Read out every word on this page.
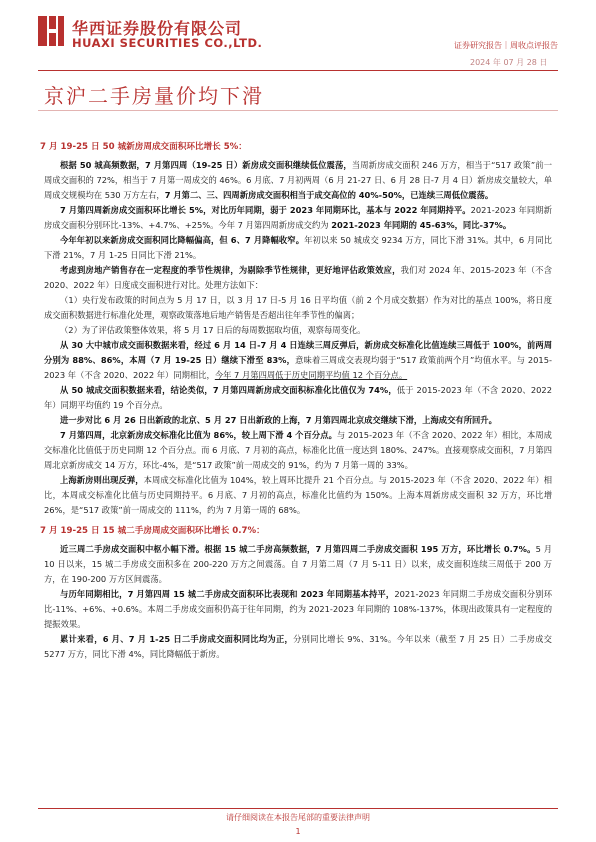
华西证券股份有限公司
HUAXI SECURITIES CO.,LTD.	证券研究报告｜周收点评报告
2024 年 07 月 28 日
京沪二手房量价均下滑
7 月 19-25 日 50 城新房周成交面积环比增长 5%：

根据 50 城高频数据，7 月第四周（19-25 日）新房成交面积继续低位震荡，当周新房成交面积 246 万方，相当于“517 政策”前一周成交面积的 72%，相当于 7 月第一周成交的 46%。6 月底、7 月初两周（6 月 21-27 日、6 月 28 日-7 月 4 日）新房成交量较大，单周成交规模均在 530 万方左右，7 月第二、三、四周新房成交面积相当于成交高位的 40%-50%，已连续三周低位震荡。

7 月第四周新房成交面积环比增长 5%，对比历年同期，弱于 2023 年同期环比，基本与 2022 年同期持平。2021-2023 年同期新房成交面积分别环比-13%、+4.7%、+25%。今年 7 月第四周新房成交约为 2021-2023 年同期的 45-63%，同比-37%。

今年年初以来新房成交面积同比降幅偏高，但 6、7 月降幅收窄。年初以来 50 城成交 9234 万方，同比下滑 31%。其中，6 月同比下滑 21%，7 月 1-25 日同比下滑 21%。

考虑到房地产销售存在一定程度的季节性规律，为剔除季节性规律，更好地评估政策效应，我们对 2024 年、2015-2023 年（不含 2020、2022 年）日度成交面积进行对比。处理方法如下：

（1）央行发布政策的时间点为 5 月 17 日，以 3 月 17 日-5 月 16 日平均值（前 2 个月成交数据）作为对比的基点 100%，将日度成交面积数据进行标准化处理，观察政策落地后地产销售是否超出往年季节性的偏离；

（2）为了评估政策整体效果，将 5 月 17 日后的每周数据取均值，观察每周变化。

从 30 大中城市成交面积数据来看，经过 6 月 14 日-7 月 4 日连续三周反弹后，新房成交标准化比值连续三周低于 100%，前两周分别为 88%、86%，本周（7 月 19-25 日）继续下滑至 83%，意味着三周成交表现均弱于“517 政策前两个月”均值水平。与 2015-2023 年（不含 2020、2022 年）同期相比，今年 7 月第四周低于历史同期平均值 12 个百分点。

从 50 城成交面积数据来看，结论类似，7 月第四周新房成交面积标准化比值仅为 74%，低于 2015-2023 年（不含 2020、2022 年）同期平均值约 19 个百分点。

进一步对比 6 月 26 日出新政的北京、5 月 27 日出新政的上海，7 月第四周北京成交继续下滑，上海成交有所回升。

7 月第四周，北京新房成交标准化比值为 86%，较上周下滑 4 个百分点。与 2015-2023 年（不含 2020、2022 年）相比，本周成交标准化比值低于历史同期 12 个百分点。而 6 月底、7 月初的高点，标准化比值一度达到 180%、247%。直接观察成交面积，7 月第四周北京新房成交 14 万方，环比-4%，是“517 政策”前一周成交的 91%，约为 7 月第一周的 33%。

上海新房则出现反弹，本周成交标准化比值为 104%，较上周环比提升 21 个百分点。与 2015-2023 年（不含 2020、2022 年）相比，本周成交标准化比值与历史同期持平。6 月底、7 月初的高点，标准化比值约为 150%。上海本周新房成交面积 32 万方，环比增 26%，是“517 政策”前一周成交的 111%，约为 7 月第一周的 68%。

7 月 19-25 日 15 城二手房周成交面积环比增长 0.7%：

近三周二手房成交面积中枢小幅下滑。根据 15 城二手房高频数据，7 月第四周二手房成交面积 195 万方，环比增长 0.7%。5 月 10 日以来，15 城二手房成交面积多在 200-220 万方之间震荡。自 7 月第二周（7 月 5-11 日）以来，成交面积连续三周低于 200 万方，在 190-200 万方区间震荡。

与历年同期相比，7 月第四周 15 城二手房成交面积环比表现和 2023 年同期基本持平，2021-2023 年同期二手房成交面积分别环比-11%、+6%、+0.6%。本周二手房成交面积仍高于往年同期，约为 2021-2023 年同期的 108%-137%，体现出政策具有一定程度的提振效果。

累计来看，6 月、7 月 1-25 日二手房成交面积同比均为正，分别同比增长 9%、31%。今年以来（截至 7 月 25 日）二手房成交 5277 万方，同比下滑 4%，同比降幅低于新房。

请仔细阅读在本报告尾部的重要法律声明
1
